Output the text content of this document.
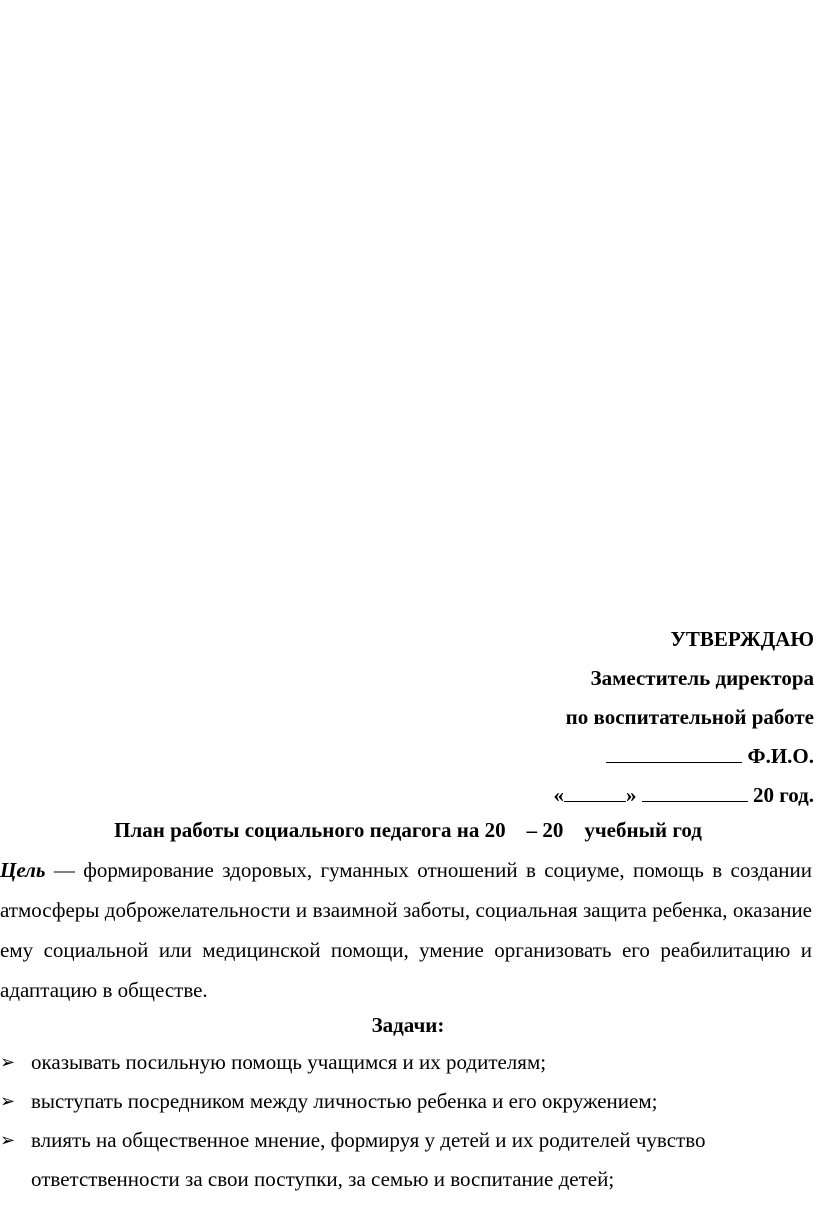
УТВЕРЖДАЮ
Заместитель директора
по воспитательной работе
Ф.И.О.
«	»	20 год.
План работы социального педагога на 20    – 20    учебный год

Цель — формирование здоровых, гуманных отношений в социуме, помощь в создании атмосферы доброжелательности и взаимной заботы, социальная защита ребенка, оказание ему социальной или медицинской помощи, умение организовать его реабилитацию и адаптацию в обществе.

Задачи:
➢ оказывать посильную помощь учащимся и их родителям;
➢ выступать посредником между личностью ребенка и его окружением;
➢ влиять на общественное мнение, формируя у детей и их родителей чувство ответственности за свои поступки, за семью и воспитание детей;
